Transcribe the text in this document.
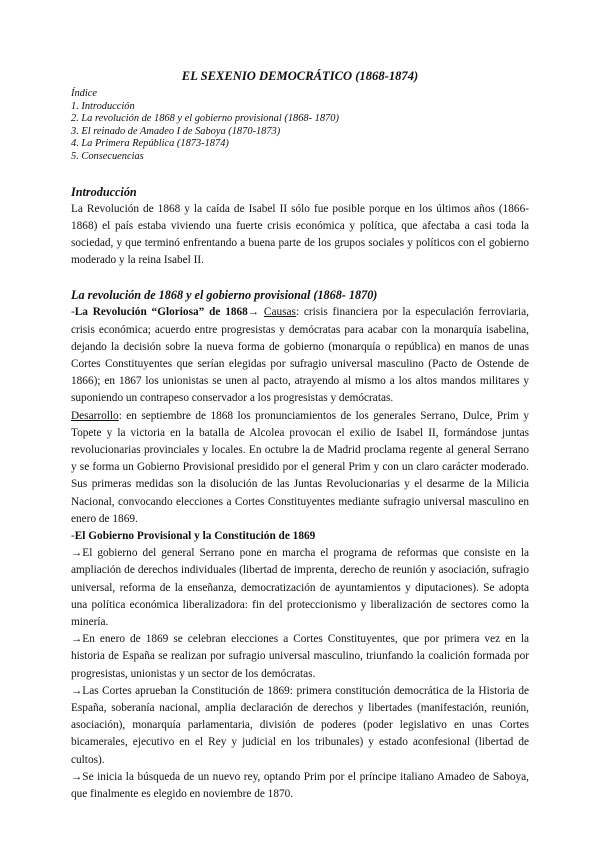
EL SEXENIO DEMOCRÁTICO (1868-1874)
Índice
1. Introducción
2. La revolución de 1868 y el gobierno provisional (1868- 1870)
3. El reinado de Amadeo I de Saboya (1870-1873)
4. La Primera República (1873-1874)
5. Consecuencias
Introducción

La Revolución de 1868 y la caída de Isabel II sólo fue posible porque en los últimos años (1866-1868) el país estaba viviendo una fuerte crisis económica y política, que afectaba a casi toda la sociedad, y que terminó enfrentando a buena parte de los grupos sociales y políticos con el gobierno moderado y la reina Isabel II.

La revolución de 1868 y el gobierno provisional (1868- 1870)

-La Revolución “Gloriosa” de 1868→ Causas: crisis financiera por la especulación ferroviaria, crisis económica; acuerdo entre progresistas y demócratas para acabar con la monarquía isabelina, dejando la decisión sobre la nueva forma de gobierno (monarquía o república) en manos de unas Cortes Constituyentes que serían elegidas por sufragio universal masculino (Pacto de Ostende de 1866); en 1867 los unionistas se unen al pacto, atrayendo al mismo a los altos mandos militares y suponiendo un contrapeso conservador a los progresistas y demócratas.

Desarrollo: en septiembre de 1868 los pronunciamientos de los generales Serrano, Dulce, Prim y Topete y la victoria en la batalla de Alcolea provocan el exilio de Isabel II, formándose juntas revolucionarias provinciales y locales. En octubre la de Madrid proclama regente al general Serrano y se forma un Gobierno Provisional presidido por el general Prim y con un claro carácter moderado. Sus primeras medidas son la disolución de las Juntas Revolucionarias y el desarme de la Milicia Nacional, convocando elecciones a Cortes Constituyentes mediante sufragio universal masculino en enero de 1869.

-El Gobierno Provisional y la Constitución de 1869

→El gobierno del general Serrano pone en marcha el programa de reformas que consiste en la ampliación de derechos individuales (libertad de imprenta, derecho de reunión y asociación, sufragio universal, reforma de la enseñanza, democratización de ayuntamientos y diputaciones). Se adopta una política económica liberalizadora: fin del proteccionismo y liberalización de sectores como la minería.

→En enero de 1869 se celebran elecciones a Cortes Constituyentes, que por primera vez en la historia de España se realizan por sufragio universal masculino, triunfando la coalición formada por progresistas, unionistas y un sector de los demócratas.

→Las Cortes aprueban la Constitución de 1869: primera constitución democrática de la Historia de España, soberanía nacional, amplia declaración de derechos y libertades (manifestación, reunión, asociación), monarquía parlamentaria, división de poderes (poder legislativo en unas Cortes bicamerales, ejecutivo en el Rey y judicial en los tribunales) y estado aconfesional (libertad de cultos).

→Se inicia la búsqueda de un nuevo rey, optando Prim por el príncipe italiano Amadeo de Saboya, que finalmente es elegido en noviembre de 1870.
